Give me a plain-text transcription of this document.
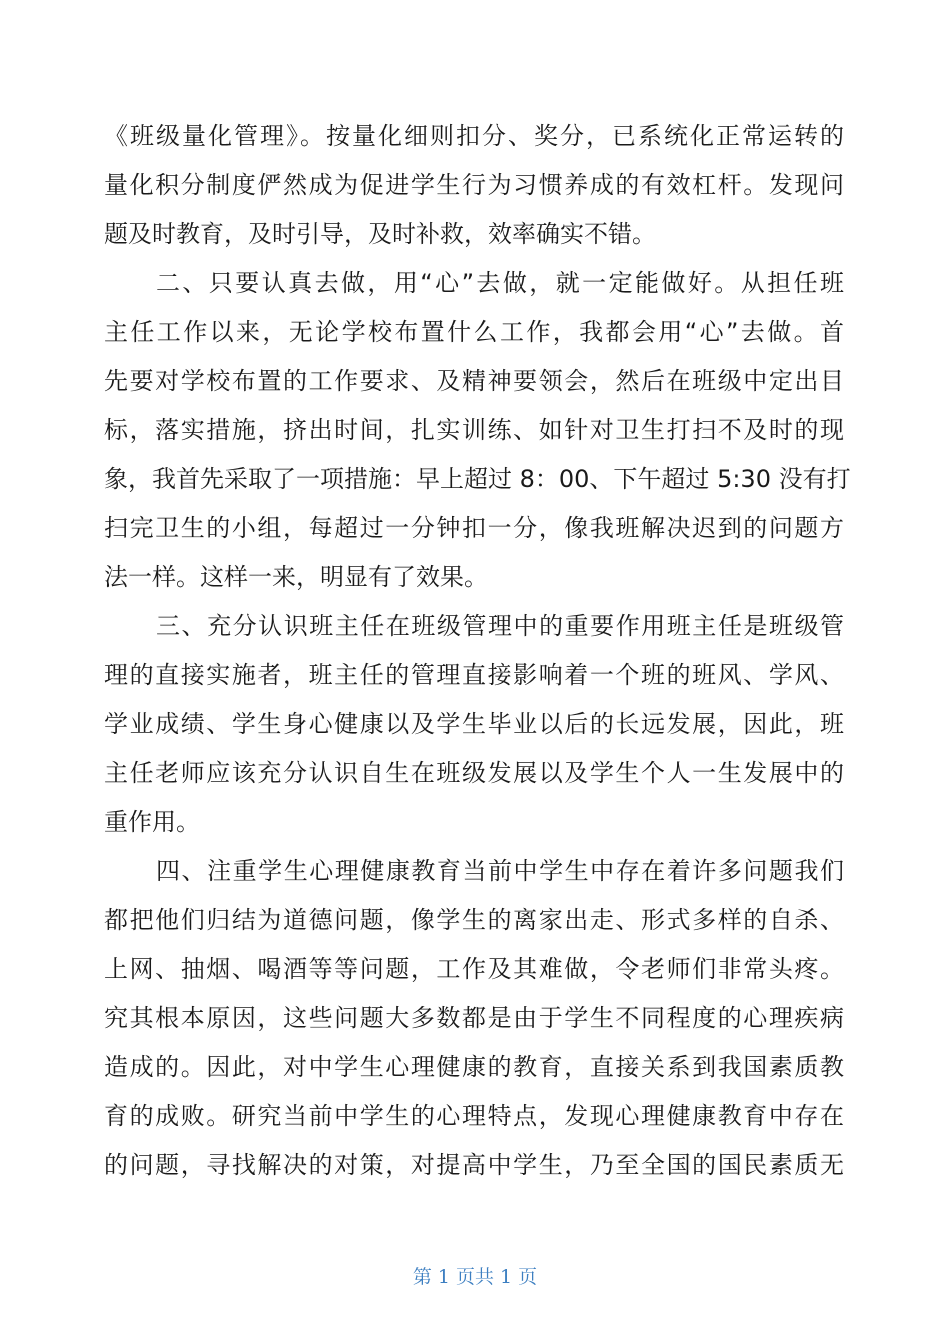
《班级量化管理》。按量化细则扣分、奖分，已系统化正常运转的
量化积分制度俨然成为促进学生行为习惯养成的有效杠杆。发现问
题及时教育，及时引导，及时补救，效率确实不错。
二、只要认真去做，用“心”去做，就一定能做好。从担任班
主任工作以来，无论学校布置什么工作，我都会用“心”去做。首
先要对学校布置的工作要求、及精神要领会，然后在班级中定出目
标，落实措施，挤出时间，扎实训练、如针对卫生打扫不及时的现
象，我首先采取了一项措施：早上超过 8：00、下午超过 5:30 没有打
扫完卫生的小组，每超过一分钟扣一分，像我班解决迟到的问题方
法一样。这样一来，明显有了效果。
三、充分认识班主任在班级管理中的重要作用班主任是班级管
理的直接实施者，班主任的管理直接影响着一个班的班风、学风、
学业成绩、学生身心健康以及学生毕业以后的长远发展，因此，班
主任老师应该充分认识自生在班级发展以及学生个人一生发展中的
重作用。
四、注重学生心理健康教育当前中学生中存在着许多问题我们
都把他们归结为道德问题，像学生的离家出走、形式多样的自杀、
上网、抽烟、喝酒等等问题，工作及其难做，令老师们非常头疼。
究其根本原因，这些问题大多数都是由于学生不同程度的心理疾病
造成的。因此，对中学生心理健康的教育，直接关系到我国素质教
育的成败。研究当前中学生的心理特点，发现心理健康教育中存在
的问题，寻找解决的对策，对提高中学生，乃至全国的国民素质无
第 1 页共 1 页
